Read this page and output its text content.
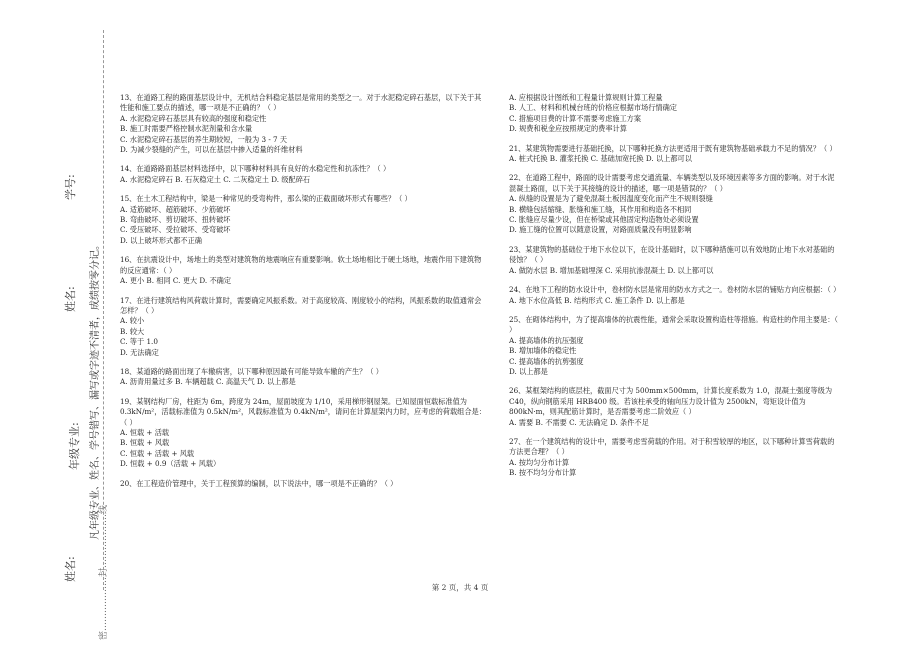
姓名:
年级专业:
姓名:
学号:
凡年级专业、姓名、学号错写、漏写或字迹不清者，成绩按零分记。
密………………封………………线
13、在道路工程的路面基层设计中，无机结合料稳定基层是常用的类型之一。对于水泥稳定碎石基层，以下关于其性能和施工要点的描述，哪一项是不正确的？（ ）
A. 水泥稳定碎石基层具有较高的强度和稳定性
B. 施工时需要严格控制水泥剂量和含水量
C. 水泥稳定碎石基层的养生期较短，一般为 3 - 7 天
D. 为减少裂缝的产生，可以在基层中掺入适量的纤维材料
14、在道路路面基层材料选择中，以下哪种材料具有良好的水稳定性和抗冻性？（ ）
A. 水泥稳定碎石 B. 石灰稳定土 C. 二灰稳定土 D. 级配碎石
15、在土木工程结构中，梁是一种常见的受弯构件，那么梁的正截面破坏形式有哪些？（ ）
A. 适筋破坏、超筋破坏、少筋破坏
B. 弯曲破坏、剪切破坏、扭转破坏
C. 受压破坏、受拉破坏、受弯破坏
D. 以上破坏形式都不正确
16、在抗震设计中，场地土的类型对建筑物的地震响应有重要影响。软土场地相比于硬土场地，地震作用下建筑物的反应通常：（ ）
A. 更小 B. 相同 C. 更大 D. 不确定
17、在进行建筑结构风荷载计算时，需要确定风振系数。对于高度较高、刚度较小的结构，风振系数的取值通常会怎样？（ ）
A. 较小
B. 较大
C. 等于 1.0
D. 无法确定
18、某道路的路面出现了车辙病害，以下哪种原因最有可能导致车辙的产生？（ ）
A. 沥青用量过多 B. 车辆超载 C. 高温天气 D. 以上都是
19、某钢结构厂房，柱距为 6m，跨度为 24m，屋面坡度为 1/10，采用梯形钢屋架。已知屋面恒载标准值为 0.3kN/m²，活载标准值为 0.5kN/m²，风载标准值为 0.4kN/m²，请问在计算屋架内力时，应考虑的荷载组合是：（ ）
A. 恒载 + 活载
B. 恒载 + 风载
C. 恒载 + 活载 + 风载
D. 恒载 + 0.9（活载 + 风载）
20、在工程造价管理中，关于工程预算的编制，以下说法中，哪一项是不正确的？（ ）
A. 应根据设计图纸和工程量计算规则计算工程量
B. 人工、材料和机械台班的价格应根据市场行情确定
C. 措施项目费的计算不需要考虑施工方案
D. 规费和税金应按照规定的费率计算
21、某建筑物需要进行基础托换，以下哪种托换方法更适用于既有建筑物基础承载力不足的情况？（ ）
A. 桩式托换 B. 灌浆托换 C. 基础加宽托换 D. 以上都可以
22、在道路工程中，路面的设计需要考虑交通流量、车辆类型以及环境因素等多方面的影响。对于水泥混凝土路面，以下关于其接缝的设计的描述，哪一项是错误的？（ ）
A. 纵缝的设置是为了避免混凝土板因温度变化而产生不规则裂缝
B. 横缝包括缩缝、胀缝和施工缝，其作用和构造各不相同
C. 胀缝应尽量少设，但在桥梁或其他固定构造物处必须设置
D. 施工缝的位置可以随意设置，对路面质量没有明显影响
23、某建筑物的基础位于地下水位以下，在设计基础时，以下哪种措施可以有效地防止地下水对基础的侵蚀？（ ）
A. 做防水层 B. 增加基础埋深 C. 采用抗渗混凝土 D. 以上都可以
24、在地下工程的防水设计中，卷材防水层是常用的防水方式之一。卷材防水层的铺贴方向应根据：（ ）
A. 地下水位高低 B. 结构形式 C. 施工条件 D. 以上都是
25、在砌体结构中，为了提高墙体的抗震性能，通常会采取设置构造柱等措施。构造柱的作用主要是：（ ）
A. 提高墙体的抗压强度
B. 增加墙体的稳定性
C. 提高墙体的抗剪强度
D. 以上都是
26、某框架结构的底层柱，截面尺寸为 500mm×500mm，计算长度系数为 1.0，混凝土强度等级为 C40，纵向钢筋采用 HRB400 级。若该柱承受的轴向压力设计值为 2500kN，弯矩设计值为 800kN·m，则其配筋计算时，是否需要考虑二阶效应（ ）
A. 需要 B. 不需要 C. 无法确定 D. 条件不足
27、在一个建筑结构的设计中，需要考虑雪荷载的作用。对于积雪较厚的地区，以下哪种计算雪荷载的方法更合理？（ ）
A. 按均匀分布计算
B. 按不均匀分布计算
第 2 页，共 4 页
